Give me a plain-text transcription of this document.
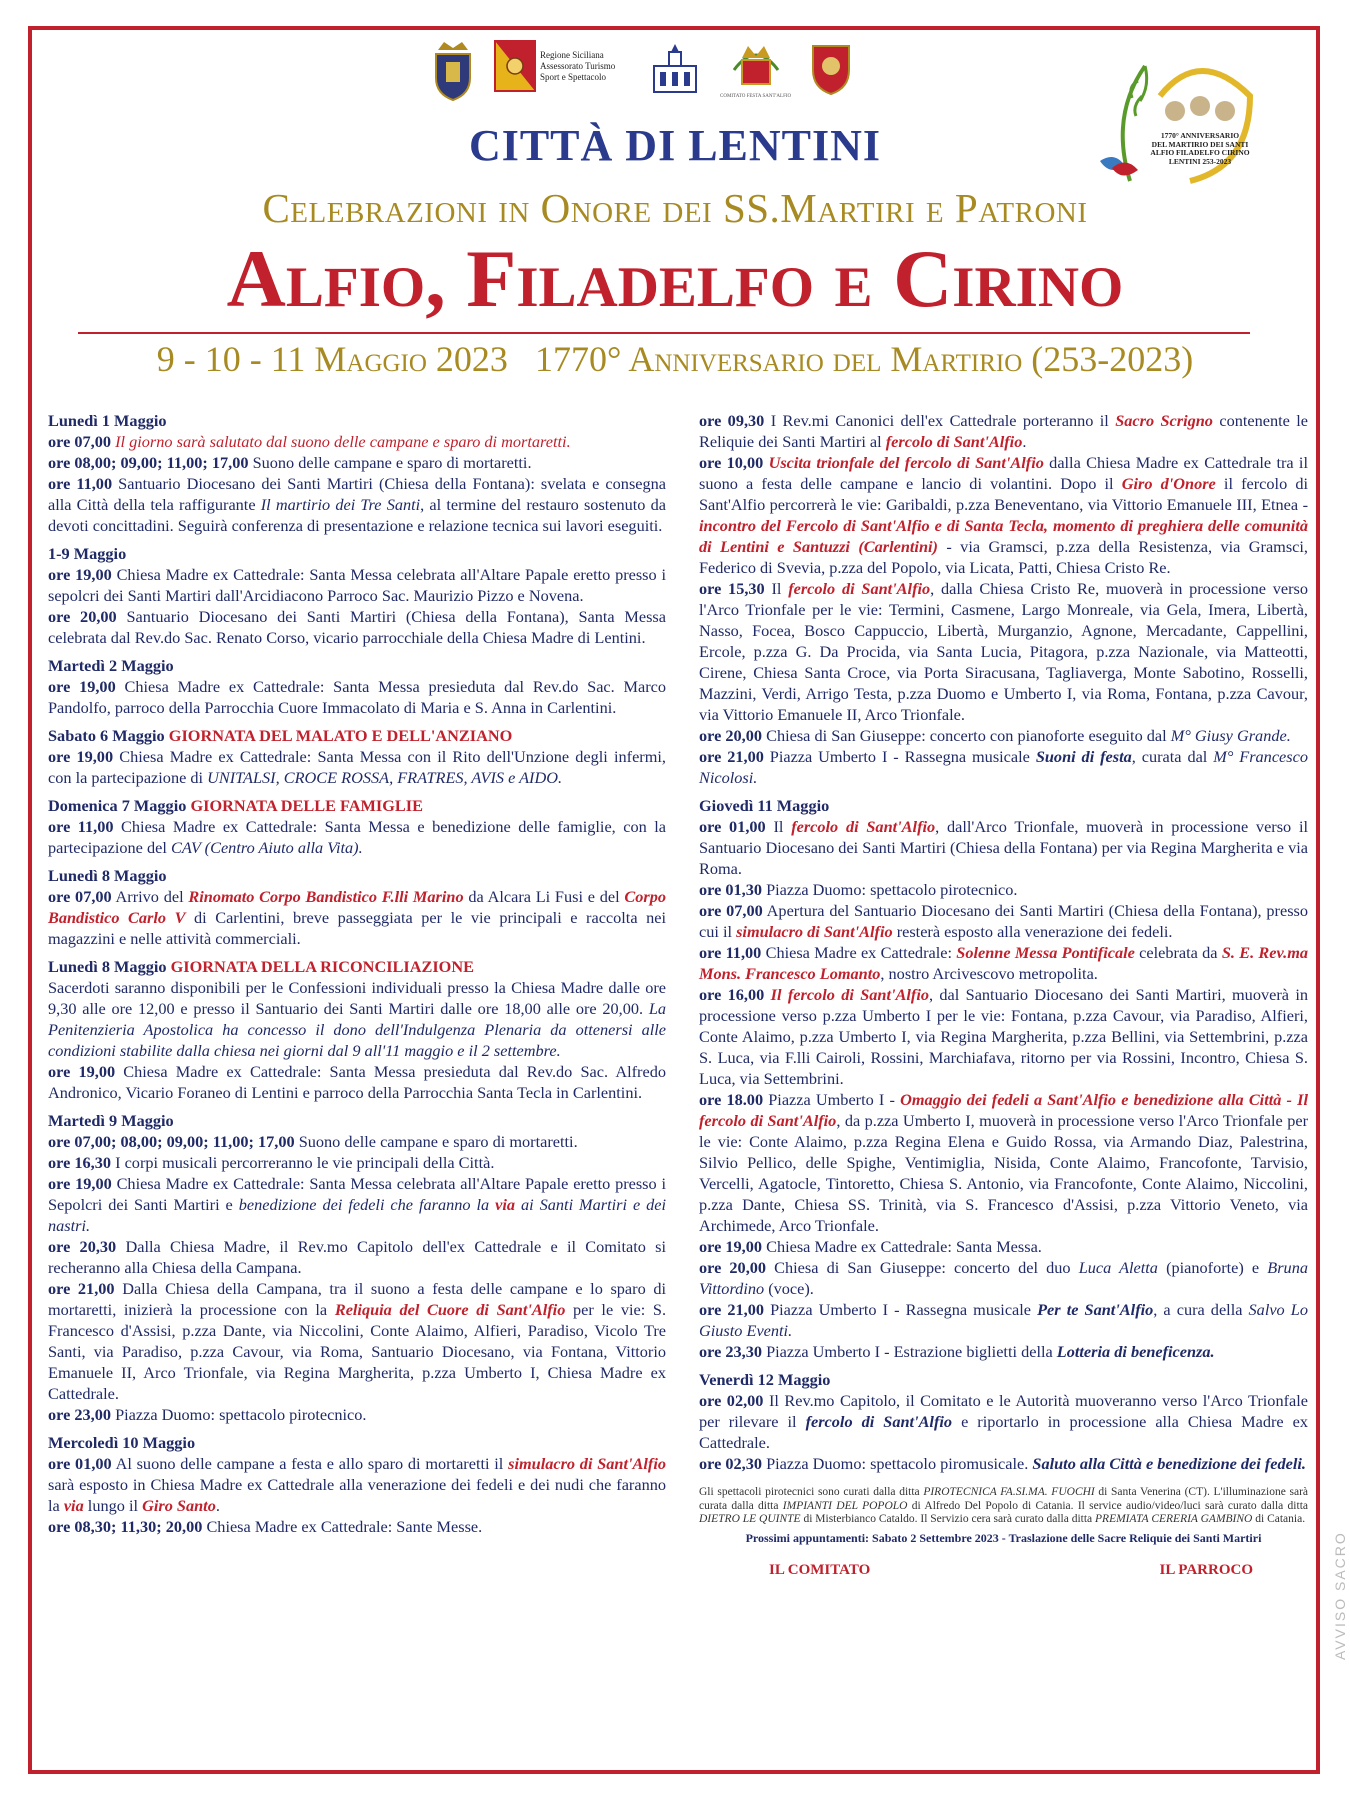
Regione Siciliana
Assessorato Turismo
Sport e Spettacolo
COMITATO FESTA SANT'ALFIO
1770° ANNIVERSARIO
DEL MARTIRIO DEI SANTI
ALFIO FILADELFO CIRINO
LENTINI 253-2023
CITTÀ DI LENTINI
Celebrazioni in Onore dei SS.Martiri e Patroni
Alfio, Filadelfo e Cirino
9 - 10 - 11 Maggio 2023 1770° Anniversario del Martirio (253-2023)
Lunedì 1 Maggio

ore 07,00 Il giorno sarà salutato dal suono delle campane e sparo di mortaretti.

ore 08,00; 09,00; 11,00; 17,00 Suono delle campane e sparo di mortaretti.

ore 11,00 Santuario Diocesano dei Santi Martiri (Chiesa della Fontana): svelata e consegna alla Città della tela raffigurante Il martirio dei Tre Santi, al termine del restauro sostenuto da devoti concittadini. Seguirà conferenza di presentazione e relazione tecnica sui lavori eseguiti.

1-9 Maggio

ore 19,00 Chiesa Madre ex Cattedrale: Santa Messa celebrata all'Altare Papale eretto presso i sepolcri dei Santi Martiri dall'Arcidiacono Parroco Sac. Maurizio Pizzo e Novena.

ore 20,00 Santuario Diocesano dei Santi Martiri (Chiesa della Fontana), Santa Messa celebrata dal Rev.do Sac. Renato Corso, vicario parrocchiale della Chiesa Madre di Lentini.

Martedì 2 Maggio

ore 19,00 Chiesa Madre ex Cattedrale: Santa Messa presieduta dal Rev.do Sac. Marco Pandolfo, parroco della Parrocchia Cuore Immacolato di Maria e S. Anna in Carlentini.

Sabato 6 Maggio GIORNATA DEL MALATO E DELL'ANZIANO

ore 19,00 Chiesa Madre ex Cattedrale: Santa Messa con il Rito dell'Unzione degli infermi, con la partecipazione di UNITALSI, CROCE ROSSA, FRATRES, AVIS e AIDO.

Domenica 7 Maggio GIORNATA DELLE FAMIGLIE

ore 11,00 Chiesa Madre ex Cattedrale: Santa Messa e benedizione delle famiglie, con la partecipazione del CAV (Centro Aiuto alla Vita).

Lunedì 8 Maggio

ore 07,00 Arrivo del Rinomato Corpo Bandistico F.lli Marino da Alcara Li Fusi e del Corpo Bandistico Carlo V di Carlentini, breve passeggiata per le vie principali e raccolta nei magazzini e nelle attività commerciali.

Lunedì 8 Maggio GIORNATA DELLA RICONCILIAZIONE

Sacerdoti saranno disponibili per le Confessioni individuali presso la Chiesa Madre dalle ore 9,30 alle ore 12,00 e presso il Santuario dei Santi Martiri dalle ore 18,00 alle ore 20,00. La Penitenzieria Apostolica ha concesso il dono dell'Indulgenza Plenaria da ottenersi alle condizioni stabilite dalla chiesa nei giorni dal 9 all'11 maggio e il 2 settembre.

ore 19,00 Chiesa Madre ex Cattedrale: Santa Messa presieduta dal Rev.do Sac. Alfredo Andronico, Vicario Foraneo di Lentini e parroco della Parrocchia Santa Tecla in Carlentini.

Martedì 9 Maggio

ore 07,00; 08,00; 09,00; 11,00; 17,00 Suono delle campane e sparo di mortaretti.

ore 16,30 I corpi musicali percorreranno le vie principali della Città.

ore 19,00 Chiesa Madre ex Cattedrale: Santa Messa celebrata all'Altare Papale eretto presso i Sepolcri dei Santi Martiri e benedizione dei fedeli che faranno la via ai Santi Martiri e dei nastri.

ore 20,30 Dalla Chiesa Madre, il Rev.mo Capitolo dell'ex Cattedrale e il Comitato si recheranno alla Chiesa della Campana.

ore 21,00 Dalla Chiesa della Campana, tra il suono a festa delle campane e lo sparo di mortaretti, inizierà la processione con la Reliquia del Cuore di Sant'Alfio per le vie: S. Francesco d'Assisi, p.zza Dante, via Niccolini, Conte Alaimo, Alfieri, Paradiso, Vicolo Tre Santi, via Paradiso, p.zza Cavour, via Roma, Santuario Diocesano, via Fontana, Vittorio Emanuele II, Arco Trionfale, via Regina Margherita, p.zza Umberto I, Chiesa Madre ex Cattedrale.

ore 23,00 Piazza Duomo: spettacolo pirotecnico.

Mercoledì 10 Maggio

ore 01,00 Al suono delle campane a festa e allo sparo di mortaretti il simulacro di Sant'Alfio sarà esposto in Chiesa Madre ex Cattedrale alla venerazione dei fedeli e dei nudi che faranno la via lungo il Giro Santo.

ore 08,30; 11,30; 20,00 Chiesa Madre ex Cattedrale: Sante Messe.

ore 09,30 I Rev.mi Canonici dell'ex Cattedrale porteranno il Sacro Scrigno contenente le Reliquie dei Santi Martiri al fercolo di Sant'Alfio.

ore 10,00 Uscita trionfale del fercolo di Sant'Alfio dalla Chiesa Madre ex Cattedrale tra il suono a festa delle campane e lancio di volantini. Dopo il Giro d'Onore il fercolo di Sant'Alfio percorrerà le vie: Garibaldi, p.zza Beneventano, via Vittorio Emanuele III, Etnea - incontro del Fercolo di Sant'Alfio e di Santa Tecla, momento di preghiera delle comunità di Lentini e Santuzzi (Carlentini) - via Gramsci, p.zza della Resistenza, via Gramsci, Federico di Svevia, p.zza del Popolo, via Licata, Patti, Chiesa Cristo Re.

ore 15,30 Il fercolo di Sant'Alfio, dalla Chiesa Cristo Re, muoverà in processione verso l'Arco Trionfale per le vie: Termini, Casmene, Largo Monreale, via Gela, Imera, Libertà, Nasso, Focea, Bosco Cappuccio, Libertà, Murganzio, Agnone, Mercadante, Cappellini, Ercole, p.zza G. Da Procida, via Santa Lucia, Pitagora, p.zza Nazionale, via Matteotti, Cirene, Chiesa Santa Croce, via Porta Siracusana, Tagliaverga, Monte Sabotino, Rosselli, Mazzini, Verdi, Arrigo Testa, p.zza Duomo e Umberto I, via Roma, Fontana, p.zza Cavour, via Vittorio Emanuele II, Arco Trionfale.

ore 20,00 Chiesa di San Giuseppe: concerto con pianoforte eseguito dal M° Giusy Grande.

ore 21,00 Piazza Umberto I - Rassegna musicale Suoni di festa, curata dal M° Francesco Nicolosi.

Giovedì 11 Maggio

ore 01,00 Il fercolo di Sant'Alfio, dall'Arco Trionfale, muoverà in processione verso il Santuario Diocesano dei Santi Martiri (Chiesa della Fontana) per via Regina Margherita e via Roma.

ore 01,30 Piazza Duomo: spettacolo pirotecnico.

ore 07,00 Apertura del Santuario Diocesano dei Santi Martiri (Chiesa della Fontana), presso cui il simulacro di Sant'Alfio resterà esposto alla venerazione dei fedeli.

ore 11,00 Chiesa Madre ex Cattedrale: Solenne Messa Pontificale celebrata da S. E. Rev.ma Mons. Francesco Lomanto, nostro Arcivescovo metropolita.

ore 16,00 Il fercolo di Sant'Alfio, dal Santuario Diocesano dei Santi Martiri, muoverà in processione verso p.zza Umberto I per le vie: Fontana, p.zza Cavour, via Paradiso, Alfieri, Conte Alaimo, p.zza Umberto I, via Regina Margherita, p.zza Bellini, via Settembrini, p.zza S. Luca, via F.lli Cairoli, Rossini, Marchiafava, ritorno per via Rossini, Incontro, Chiesa S. Luca, via Settembrini.

ore 18.00 Piazza Umberto I - Omaggio dei fedeli a Sant'Alfio e benedizione alla Città - Il fercolo di Sant'Alfio, da p.zza Umberto I, muoverà in processione verso l'Arco Trionfale per le vie: Conte Alaimo, p.zza Regina Elena e Guido Rossa, via Armando Diaz, Palestrina, Silvio Pellico, delle Spighe, Ventimiglia, Nisida, Conte Alaimo, Francofonte, Tarvisio, Vercelli, Agatocle, Tintoretto, Chiesa S. Antonio, via Francofonte, Conte Alaimo, Niccolini, p.zza Dante, Chiesa SS. Trinità, via S. Francesco d'Assisi, p.zza Vittorio Veneto, via Archimede, Arco Trionfale.

ore 19,00 Chiesa Madre ex Cattedrale: Santa Messa.

ore 20,00 Chiesa di San Giuseppe: concerto del duo Luca Aletta (pianoforte) e Bruna Vittordino (voce).

ore 21,00 Piazza Umberto I - Rassegna musicale Per te Sant'Alfio, a cura della Salvo Lo Giusto Eventi.

ore 23,30 Piazza Umberto I - Estrazione biglietti della Lotteria di beneficenza.

Venerdì 12 Maggio

ore 02,00 Il Rev.mo Capitolo, il Comitato e le Autorità muoveranno verso l'Arco Trionfale per rilevare il fercolo di Sant'Alfio e riportarlo in processione alla Chiesa Madre ex Cattedrale.

ore 02,30 Piazza Duomo: spettacolo piromusicale. Saluto alla Città e benedizione dei fedeli.

Gli spettacoli pirotecnici sono curati dalla ditta PIROTECNICA FA.SI.MA. FUOCHI di Santa Venerina (CT). L'illuminazione sarà curata dalla ditta IMPIANTI DEL POPOLO di Alfredo Del Popolo di Catania. Il service audio/video/luci sarà curato dalla ditta DIETRO LE QUINTE di Misterbianco Cataldo. Il Servizio cera sarà curato dalla ditta PREMIATA CERERIA GAMBINO di Catania.

Prossimi appuntamenti: Sabato 2 Settembre 2023 - Traslazione delle Sacre Reliquie dei Santi Martiri

IL COMITATO	IL PARROCO	AVVISO SACRO
